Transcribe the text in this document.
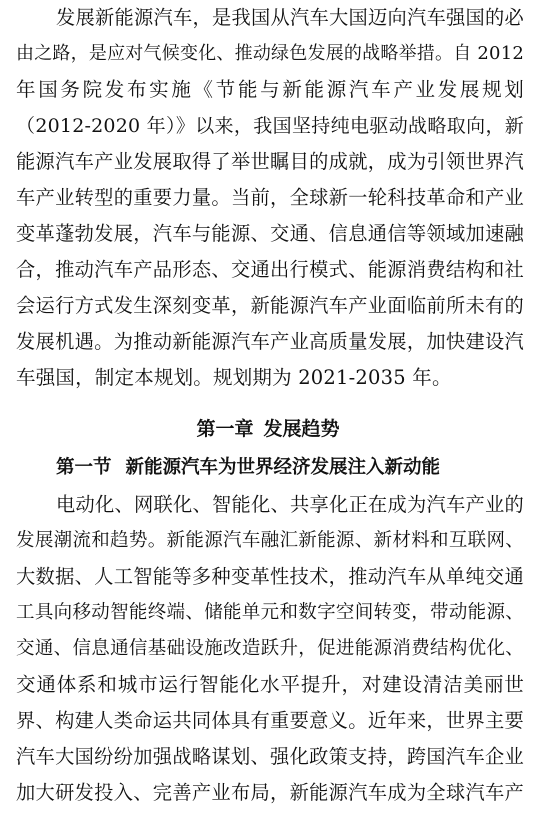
发展新能源汽车，是我国从汽车大国迈向汽车强国的必
由之路，是应对气候变化、推动绿色发展的战略举措。自 2012
年国务院发布实施《节能与新能源汽车产业发展规划
（2012-2020 年）》以来，我国坚持纯电驱动战略取向，新
能源汽车产业发展取得了举世瞩目的成就，成为引领世界汽
车产业转型的重要力量。当前，全球新一轮科技革命和产业
变革蓬勃发展，汽车与能源、交通、信息通信等领域加速融
合，推动汽车产品形态、交通出行模式、能源消费结构和社
会运行方式发生深刻变革，新能源汽车产业面临前所未有的
发展机遇。为推动新能源汽车产业高质量发展，加快建设汽
车强国，制定本规划。规划期为 2021-2035 年。
第一章 发展趋势
第一节 新能源汽车为世界经济发展注入新动能
电动化、网联化、智能化、共享化正在成为汽车产业的
发展潮流和趋势。新能源汽车融汇新能源、新材料和互联网、
大数据、人工智能等多种变革性技术，推动汽车从单纯交通
工具向移动智能终端、储能单元和数字空间转变，带动能源、
交通、信息通信基础设施改造跃升，促进能源消费结构优化、
交通体系和城市运行智能化水平提升，对建设清洁美丽世
界、构建人类命运共同体具有重要意义。近年来，世界主要
汽车大国纷纷加强战略谋划、强化政策支持，跨国汽车企业
加大研发投入、完善产业布局，新能源汽车成为全球汽车产
